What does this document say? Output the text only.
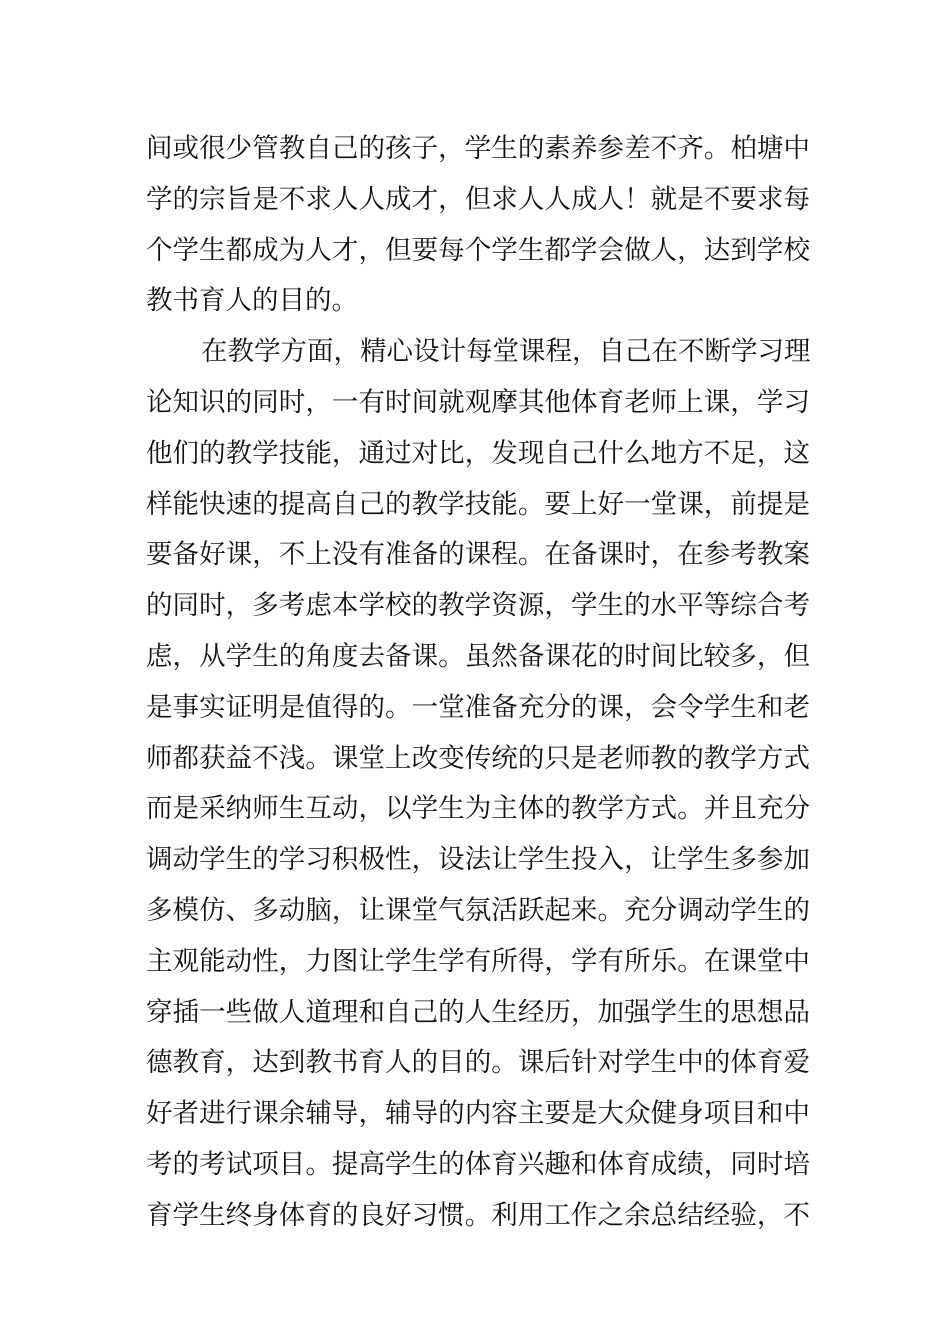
间或很少管教自己的孩子，学生的素养参差不齐。柏塘中
学的宗旨是不求人人成才，但求人人成人！就是不要求每
个学生都成为人才，但要每个学生都学会做人，达到学校
教书育人的目的。
在教学方面，精心设计每堂课程，自己在不断学习理
论知识的同时，一有时间就观摩其他体育老师上课，学习
他们的教学技能，通过对比，发现自己什么地方不足，这
样能快速的提高自己的教学技能。要上好一堂课，前提是
要备好课，不上没有准备的课程。在备课时，在参考教案
的同时，多考虑本学校的教学资源，学生的水平等综合考
虑，从学生的角度去备课。虽然备课花的时间比较多，但
是事实证明是值得的。一堂准备充分的课，会令学生和老
师都获益不浅。课堂上改变传统的只是老师教的教学方式
而是采纳师生互动，以学生为主体的教学方式。并且充分
调动学生的学习积极性，设法让学生投入，让学生多参加
多模仿、多动脑，让课堂气氛活跃起来。充分调动学生的
主观能动性，力图让学生学有所得，学有所乐。在课堂中
穿插一些做人道理和自己的人生经历，加强学生的思想品
德教育，达到教书育人的目的。课后针对学生中的体育爱
好者进行课余辅导，辅导的内容主要是大众健身项目和中
考的考试项目。提高学生的体育兴趣和体育成绩，同时培
育学生终身体育的良好习惯。利用工作之余总结经验，不
